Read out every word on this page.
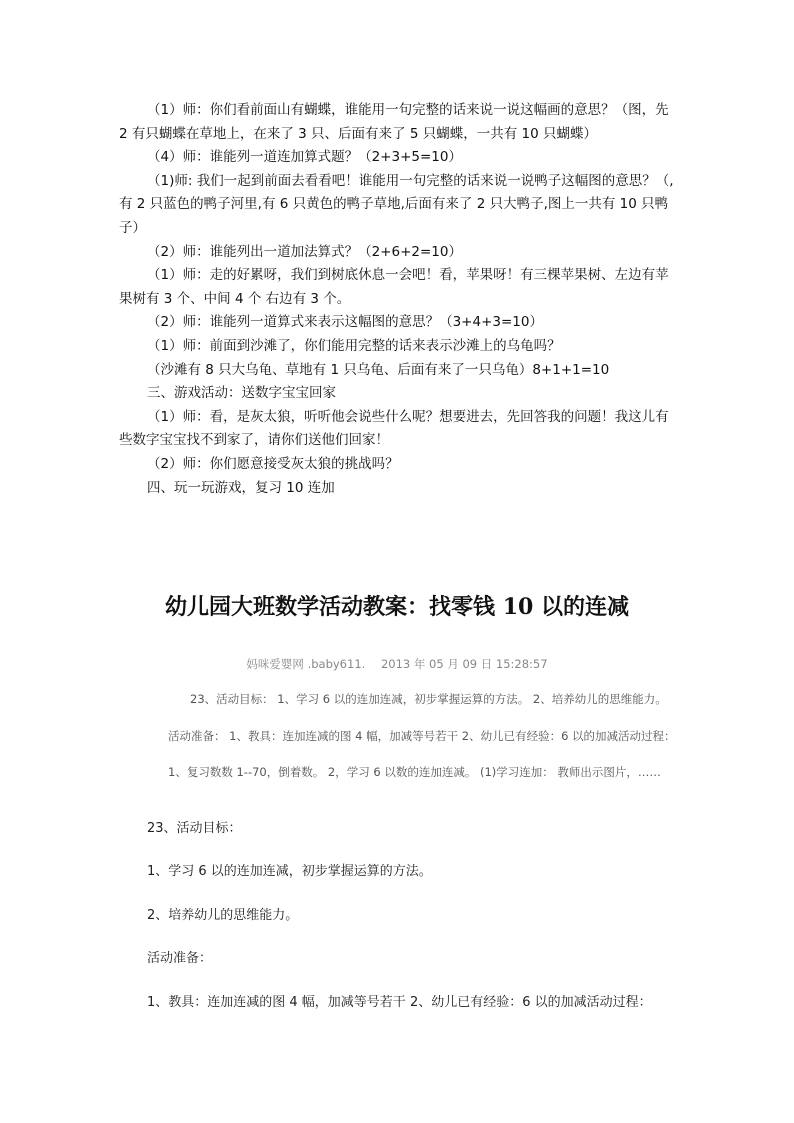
（1）师：你们看前面山有蝴蝶，谁能用一句完整的话来说一说这幅画的意思？（图，先 2 有只蝴蝶在草地上，在来了 3 只、后面有来了 5 只蝴蝶，一共有 10 只蝴蝶）

（4）师：谁能列一道连加算式题？（2+3+5=10）

（1)师: 我们一起到前面去看看吧！谁能用一句完整的话来说一说鸭子这幅图的意思？（,有 2 只蓝色的鸭子河里,有 6 只黄色的鸭子草地,后面有来了 2 只大鸭子,图上一共有 10 只鸭子）

（2）师：谁能列出一道加法算式？（2+6+2=10）

（1）师：走的好累呀，我们到树底休息一会吧！看，苹果呀！有三棵苹果树、左边有苹果树有 3 个、中间 4 个 右边有 3 个。

（2）师：谁能列一道算式来表示这幅图的意思？（3+4+3=10）

（1）师：前面到沙滩了，你们能用完整的话来表示沙滩上的乌龟吗？

（沙滩有 8 只大乌龟、草地有 1 只乌龟、后面有来了一只乌龟）8+1+1=10

三、游戏活动：送数字宝宝回家

（1）师：看，是灰太狼，听听他会说些什么呢？想要进去，先回答我的问题！我这儿有些数字宝宝找不到家了，请你们送他们回家！

（2）师：你们愿意接受灰太狼的挑战吗？

四、玩一玩游戏，复习 10 连加

幼儿园大班数学活动教案：找零钱 10 以的连减
妈咪爱婴网 .baby611. 2013 年 05 月 09 日 15:28:57
23、活动目标： 1、学习 6 以的连加连减，初步掌握运算的方法。 2、培养幼儿的思维能力。
活动准备： 1、教具：连加连减的图 4 幅，加减等号若干 2、幼儿已有经验：6 以的加减活动过程：
1、复习数数 1--70，倒着数。 2，学习 6 以数的连加连减。 (1)学习连加： 教师出示图片，……
23、活动目标：
1、学习 6 以的连加连减，初步掌握运算的方法。
2、培养幼儿的思维能力。
活动准备：
1、教具：连加连减的图 4 幅，加减等号若干 2、幼儿已有经验：6 以的加减活动过程：
